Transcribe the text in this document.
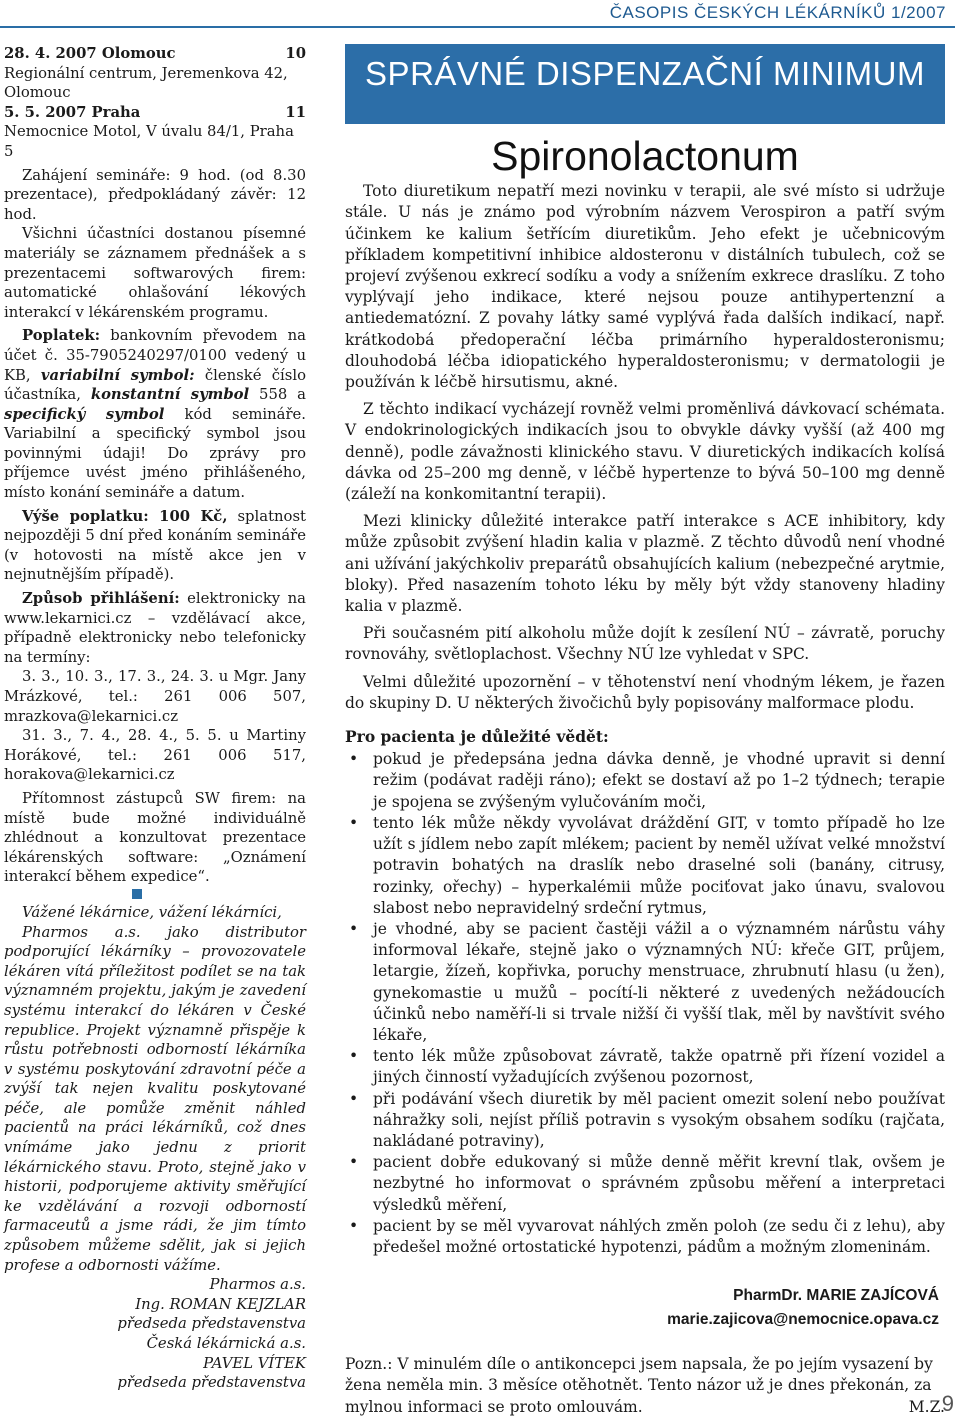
ČASOPIS ČESKÝCH LÉKÁRNÍKŮ 1/2007
28. 4. 2007 Olomouc	10

Regionální centrum, Jeremenkova 42, Olomouc

5. 5. 2007 Praha	11

Nemocnice Motol, V úvalu 84/1, Praha 5

Zahájení semináře: 9 hod. (od 8.30 prezentace), předpokládaný závěr: 12 hod.

Všichni účastníci dostanou písemné materiály se záznamem přednášek a s prezentacemi softwarových firem: automatické ohlašování lékových interakcí v lékárenském programu.

Poplatek: bankovním převodem na účet č. 35-7905240297/0100 vedený u KB, variabilní symbol: členské číslo účastníka, konstantní symbol 558 a specifický symbol kód semináře. Variabilní a specifický symbol jsou povinnými údaji! Do zprávy pro příjemce uvést jméno přihlášeného, místo konání semináře a datum.

Výše poplatku: 100 Kč, splatnost nejpozději 5 dní před konáním semináře (v hotovosti na místě akce jen v nejnutnějším případě).

Způsob přihlášení: elektronicky na www.lekarnici.cz – vzdělávací akce, případně elektronicky nebo telefonicky na termíny:

3. 3., 10. 3., 17. 3., 24. 3. u Mgr. Jany Mrázkové, tel.: 261 006 507, mrazkova@lekarnici.cz

31. 3., 7. 4., 28. 4., 5. 5. u Martiny Horákové, tel.: 261 006 517, horakova@lekarnici.cz

Přítomnost zástupců SW firem: na místě bude možné individuálně zhlédnout a konzultovat prezentace lékárenských software: „Oznámení interakcí během expedice“.

Vážené lékárnice, vážení lékárníci,

Pharmos a.s. jako distributor podporující lékárníky – provozovatele lékáren vítá příležitost podílet se na tak významném projektu, jakým je zavedení systému interakcí do lékáren v České republice. Projekt významně přispěje k růstu potřebnosti odborností lékárníka v systému poskytování zdravotní péče a zvýší tak nejen kvalitu poskytované péče, ale pomůže změnit náhled pacientů na práci lékárníků, což dnes vnímáme jako jednu z priorit lékárnického stavu. Proto, stejně jako v historii, podporujeme aktivity směřující ke vzdělávání a rozvoji odborností farmaceutů a jsme rádi, že jim tímto způsobem můžeme sdělit, jak si jejich profese a odbornosti vážíme.

Pharmos a.s.

Ing. ROMAN KEJZLAR

předseda představenstva

Česká lékárnická a.s.

PAVEL VÍTEK

předseda představenstva

SPRÁVNÉ DISPENZAČNÍ MINIMUM
Spironolactonum

Toto diuretikum nepatří mezi novinku v terapii, ale své místo si udržuje stále. U nás je známo pod výrobním názvem Verospiron a patří svým účinkem ke kalium šetřícím diuretikům. Jeho efekt je učebnicovým příkladem kompetitivní inhibice aldosteronu v distálních tubulech, což se projeví zvýšenou exkrecí sodíku a vody a snížením exkrece draslíku. Z toho vyplývají jeho indikace, které nejsou pouze antihypertenzní a antiedematózní. Z povahy látky samé vyplývá řada dalších indikací, např. krátkodobá předoperační léčba primárního hyperaldosteronismu; dlouhodobá léčba idiopatického hyperaldosteronismu; v dermatologii je používán k léčbě hirsutismu, akné.

Z těchto indikací vycházejí rovněž velmi proměnlivá dávkovací schémata. V endokrinologických indikacích jsou to obvykle dávky vyšší (až 400 mg denně), podle závažnosti klinického stavu. V diuretických indikacích kolísá dávka od 25–200 mg denně, v léčbě hypertenze to bývá 50–100 mg denně (záleží na konkomitantní terapii).

Mezi klinicky důležité interakce patří interakce s ACE inhibitory, kdy může způsobit zvýšení hladin kalia v plazmě. Z těchto důvodů není vhodné ani užívání jakýchkoliv preparátů obsahujících kalium (nebezpečné arytmie, bloky). Před nasazením tohoto léku by měly být vždy stanoveny hladiny kalia v plazmě.

Při současném pití alkoholu může dojít k zesílení NÚ – závratě, poruchy rovnováhy, světloplachost. Všechny NÚ lze vyhledat v SPC.

Velmi důležité upozornění – v těhotenství není vhodným lékem, je řazen do skupiny D. U některých živočichů byly popisovány malformace plodu.

Pro pacienta je důležité vědět:

• pokud je předepsána jedna dávka denně, je vhodné upravit si denní režim (podávat raději ráno); efekt se dostaví až po 1–2 týdnech; terapie je spojena se zvýšeným vylučováním moči,
• tento lék může někdy vyvolávat dráždění GIT, v tomto případě ho lze užít s jídlem nebo zapít mlékem; pacient by neměl užívat velké množství potravin bohatých na draslík nebo draselné soli (banány, citrusy, rozinky, ořechy) – hyperkalémii může pociťovat jako únavu, svalovou slabost nebo nepravidelný srdeční rytmus,
• je vhodné, aby se pacient častěji vážil a o významném nárůstu váhy informoval lékaře, stejně jako o významných NÚ: křeče GIT, průjem, letargie, žízeň, kopřivka, poruchy menstruace, zhrubnutí hlasu (u žen), gynekomastie u mužů – pocítí-li některé z uvedených nežádoucích účinků nebo naměří-li si trvale nižší či vyšší tlak, měl by navštívit svého lékaře,
• tento lék může způsobovat závratě, takže opatrně při řízení vozidel a jiných činností vyžadujících zvýšenou pozornost,
• při podávání všech diuretik by měl pacient omezit solení nebo používat náhražky soli, nejíst příliš potravin s vysokým obsahem sodíku (rajčata, nakládané potraviny),
• pacient dobře edukovaný si může denně měřit krevní tlak, ovšem je nezbytné ho informovat o správném způsobu měření a interpretaci výsledků měření,
• pacient by se měl vyvarovat náhlých změn poloh (ze sedu či z lehu), aby předešel možné ortostatické hypotenzi, pádům a možným zlomeninám.
PharmDr. MARIE ZAJÍCOVÁ
marie.zajicova@nemocnice.opava.cz

Pozn.: V minulém díle o antikoncepci jsem napsala, že po jejím vysazení by žena neměla min. 3 měsíce otěhotnět. Tento názor už je dnes překonán, za mylnou informaci se proto omlouvám.	M.Z.
9
